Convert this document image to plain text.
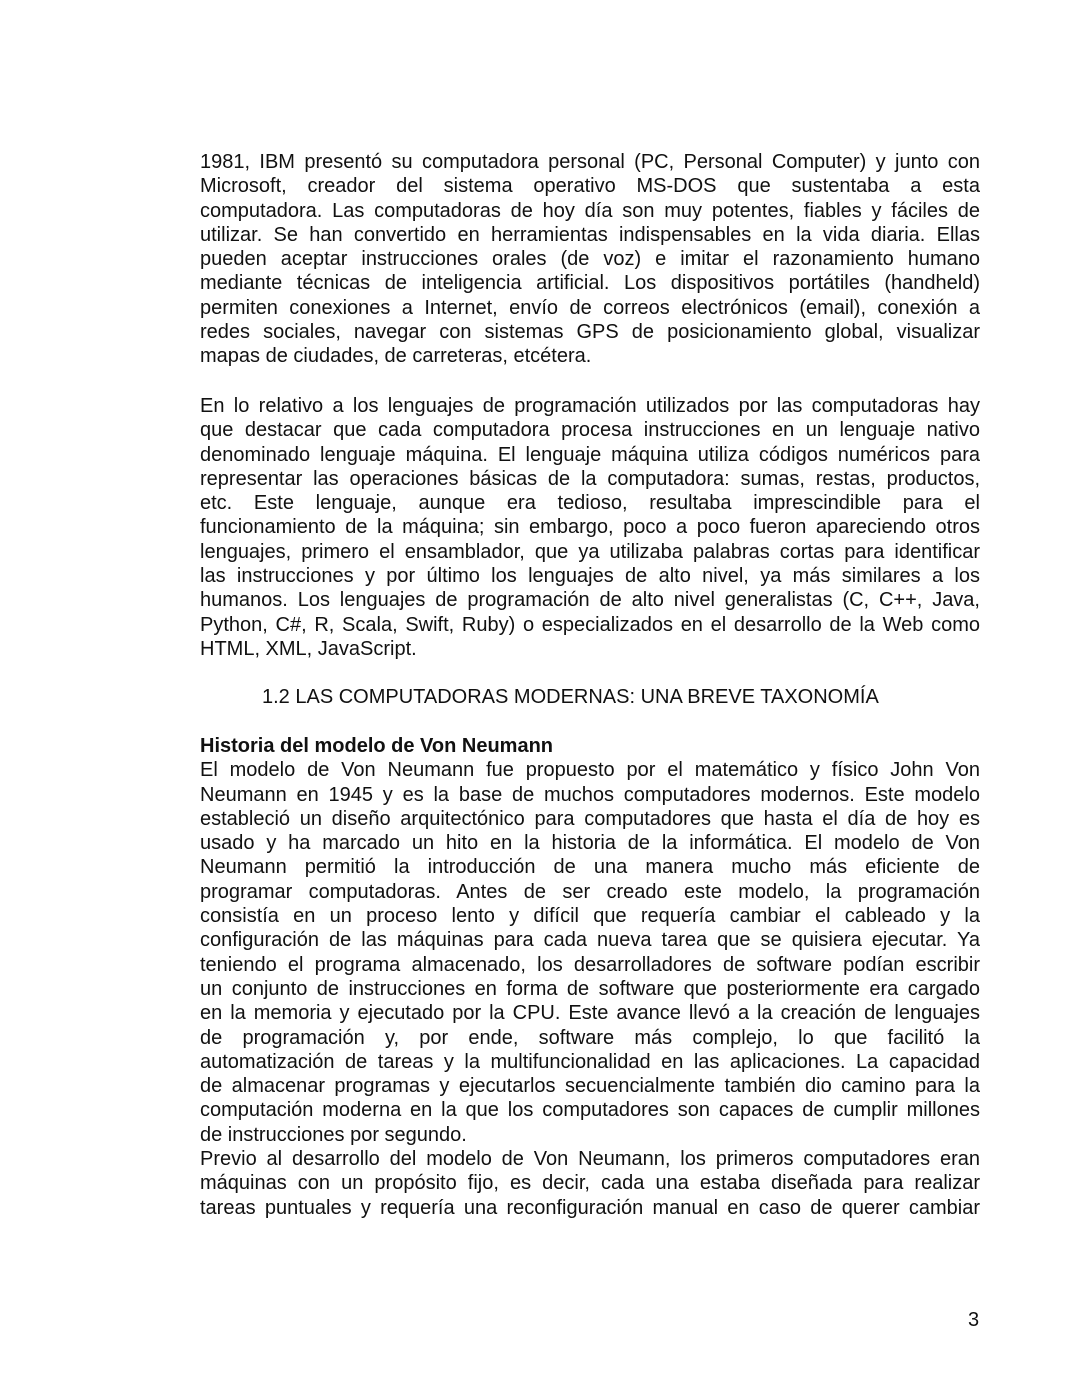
1981, IBM presentó su computadora personal (PC, Personal Computer) y junto con
Microsoft, creador del sistema operativo MS-DOS que sustentaba a esta
computadora. Las computadoras de hoy día son muy potentes, fiables y fáciles de
utilizar. Se han convertido en herramientas indispensables en la vida diaria. Ellas
pueden aceptar instrucciones orales (de voz) e imitar el razonamiento humano
mediante técnicas de inteligencia artificial. Los dispositivos portátiles (handheld)
permiten conexiones a Internet, envío de correos electrónicos (email), conexión a
redes sociales, navegar con sistemas GPS de posicionamiento global, visualizar
mapas de ciudades, de carreteras, etcétera.
En lo relativo a los lenguajes de programación utilizados por las computadoras hay
que destacar que cada computadora procesa instrucciones en un lenguaje nativo
denominado lenguaje máquina. El lenguaje máquina utiliza códigos numéricos para
representar las operaciones básicas de la computadora: sumas, restas, productos,
etc. Este lenguaje, aunque era tedioso, resultaba imprescindible para el
funcionamiento de la máquina; sin embargo, poco a poco fueron apareciendo otros
lenguajes, primero el ensamblador, que ya utilizaba palabras cortas para identificar
las instrucciones y por último los lenguajes de alto nivel, ya más similares a los
humanos. Los lenguajes de programación de alto nivel generalistas (C, C++, Java,
Python, C#, R, Scala, Swift, Ruby) o especializados en el desarrollo de la Web como
HTML, XML, JavaScript.
1.2 LAS COMPUTADORAS MODERNAS: UNA BREVE TAXONOMÍA
Historia del modelo de Von Neumann
El modelo de Von Neumann fue propuesto por el matemático y físico John Von
Neumann en 1945 y es la base de muchos computadores modernos. Este modelo
estableció un diseño arquitectónico para computadores que hasta el día de hoy es
usado y ha marcado un hito en la historia de la informática. El modelo de Von
Neumann permitió la introducción de una manera mucho más eficiente de
programar computadoras. Antes de ser creado este modelo, la programación
consistía en un proceso lento y difícil que requería cambiar el cableado y la
configuración de las máquinas para cada nueva tarea que se quisiera ejecutar. Ya
teniendo el programa almacenado, los desarrolladores de software podían escribir
un conjunto de instrucciones en forma de software que posteriormente era cargado
en la memoria y ejecutado por la CPU. Este avance llevó a la creación de lenguajes
de programación y, por ende, software más complejo, lo que facilitó la
automatización de tareas y la multifuncionalidad en las aplicaciones. La capacidad
de almacenar programas y ejecutarlos secuencialmente también dio camino para la
computación moderna en la que los computadores son capaces de cumplir millones
de instrucciones por segundo.
Previo al desarrollo del modelo de Von Neumann, los primeros computadores eran
máquinas con un propósito fijo, es decir, cada una estaba diseñada para realizar
tareas puntuales y requería una reconfiguración manual en caso de querer cambiar
3
